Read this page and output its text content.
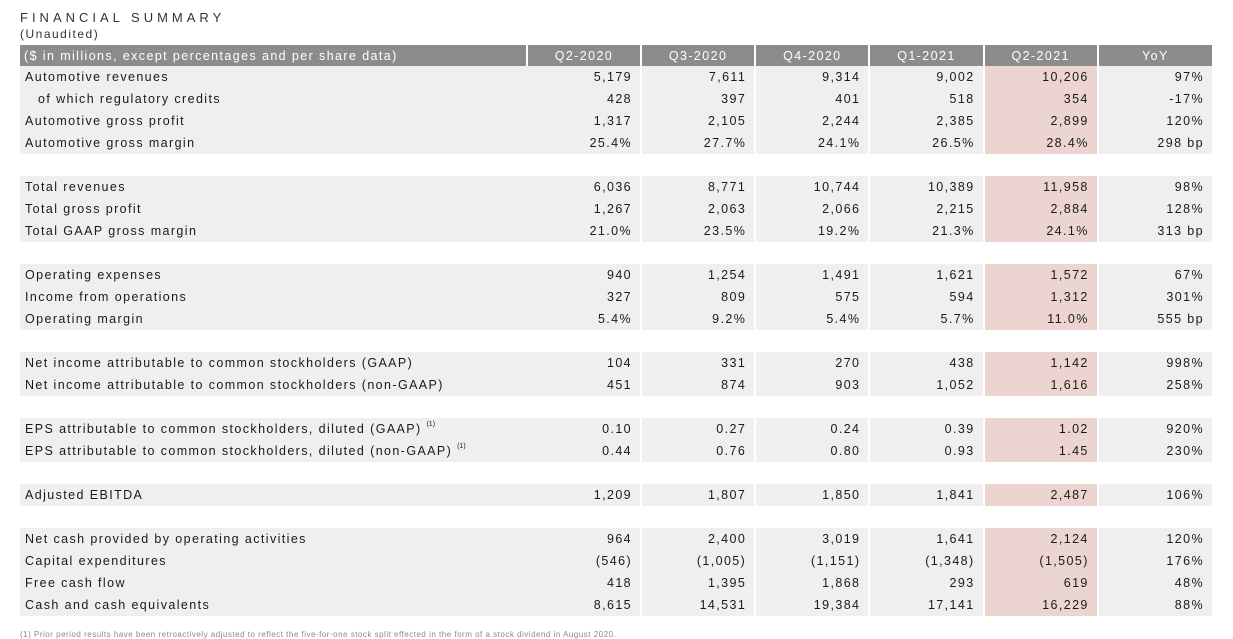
FINANCIAL SUMMARY
(Unaudited)
($ in millions, except percentages and per share data)	Q2-2020	Q3-2020	Q4-2020	Q1-2021	Q2-2021	YoY
Automotive revenues	5,179	7,611	9,314	9,002	10,206	97%
of which regulatory credits	428	397	401	518	354	-17%
Automotive gross profit	1,317	2,105	2,244	2,385	2,899	120%
Automotive gross margin	25.4%	27.7%	24.1%	26.5%	28.4%	298 bp

Total revenues	6,036	8,771	10,744	10,389	11,958	98%
Total gross profit	1,267	2,063	2,066	2,215	2,884	128%
Total GAAP gross margin	21.0%	23.5%	19.2%	21.3%	24.1%	313 bp

Operating expenses	940	1,254	1,491	1,621	1,572	67%
Income from operations	327	809	575	594	1,312	301%
Operating margin	5.4%	9.2%	5.4%	5.7%	11.0%	555 bp

Net income attributable to common stockholders (GAAP)	104	331	270	438	1,142	998%
Net income attributable to common stockholders (non-GAAP)	451	874	903	1,052	1,616	258%

EPS attributable to common stockholders, diluted (GAAP) $^{(1)}$	0.10	0.27	0.24	0.39	1.02	920%
EPS attributable to common stockholders, diluted (non-GAAP) $^{(1)}$	0.44	0.76	0.80	0.93	1.45	230%

Adjusted EBITDA	1,209	1,807	1,850	1,841	2,487	106%

Net cash provided by operating activities	964	2,400	3,019	1,641	2,124	120%
Capital expenditures	(546)	(1,005)	(1,151)	(1,348)	(1,505)	176%
Free cash flow	418	1,395	1,868	293	619	48%
Cash and cash equivalents	8,615	14,531	19,384	17,141	16,229	88%
(1) Prior period results have been retroactively adjusted to reflect the five-for-one stock split effected in the form of a stock dividend in August 2020.
